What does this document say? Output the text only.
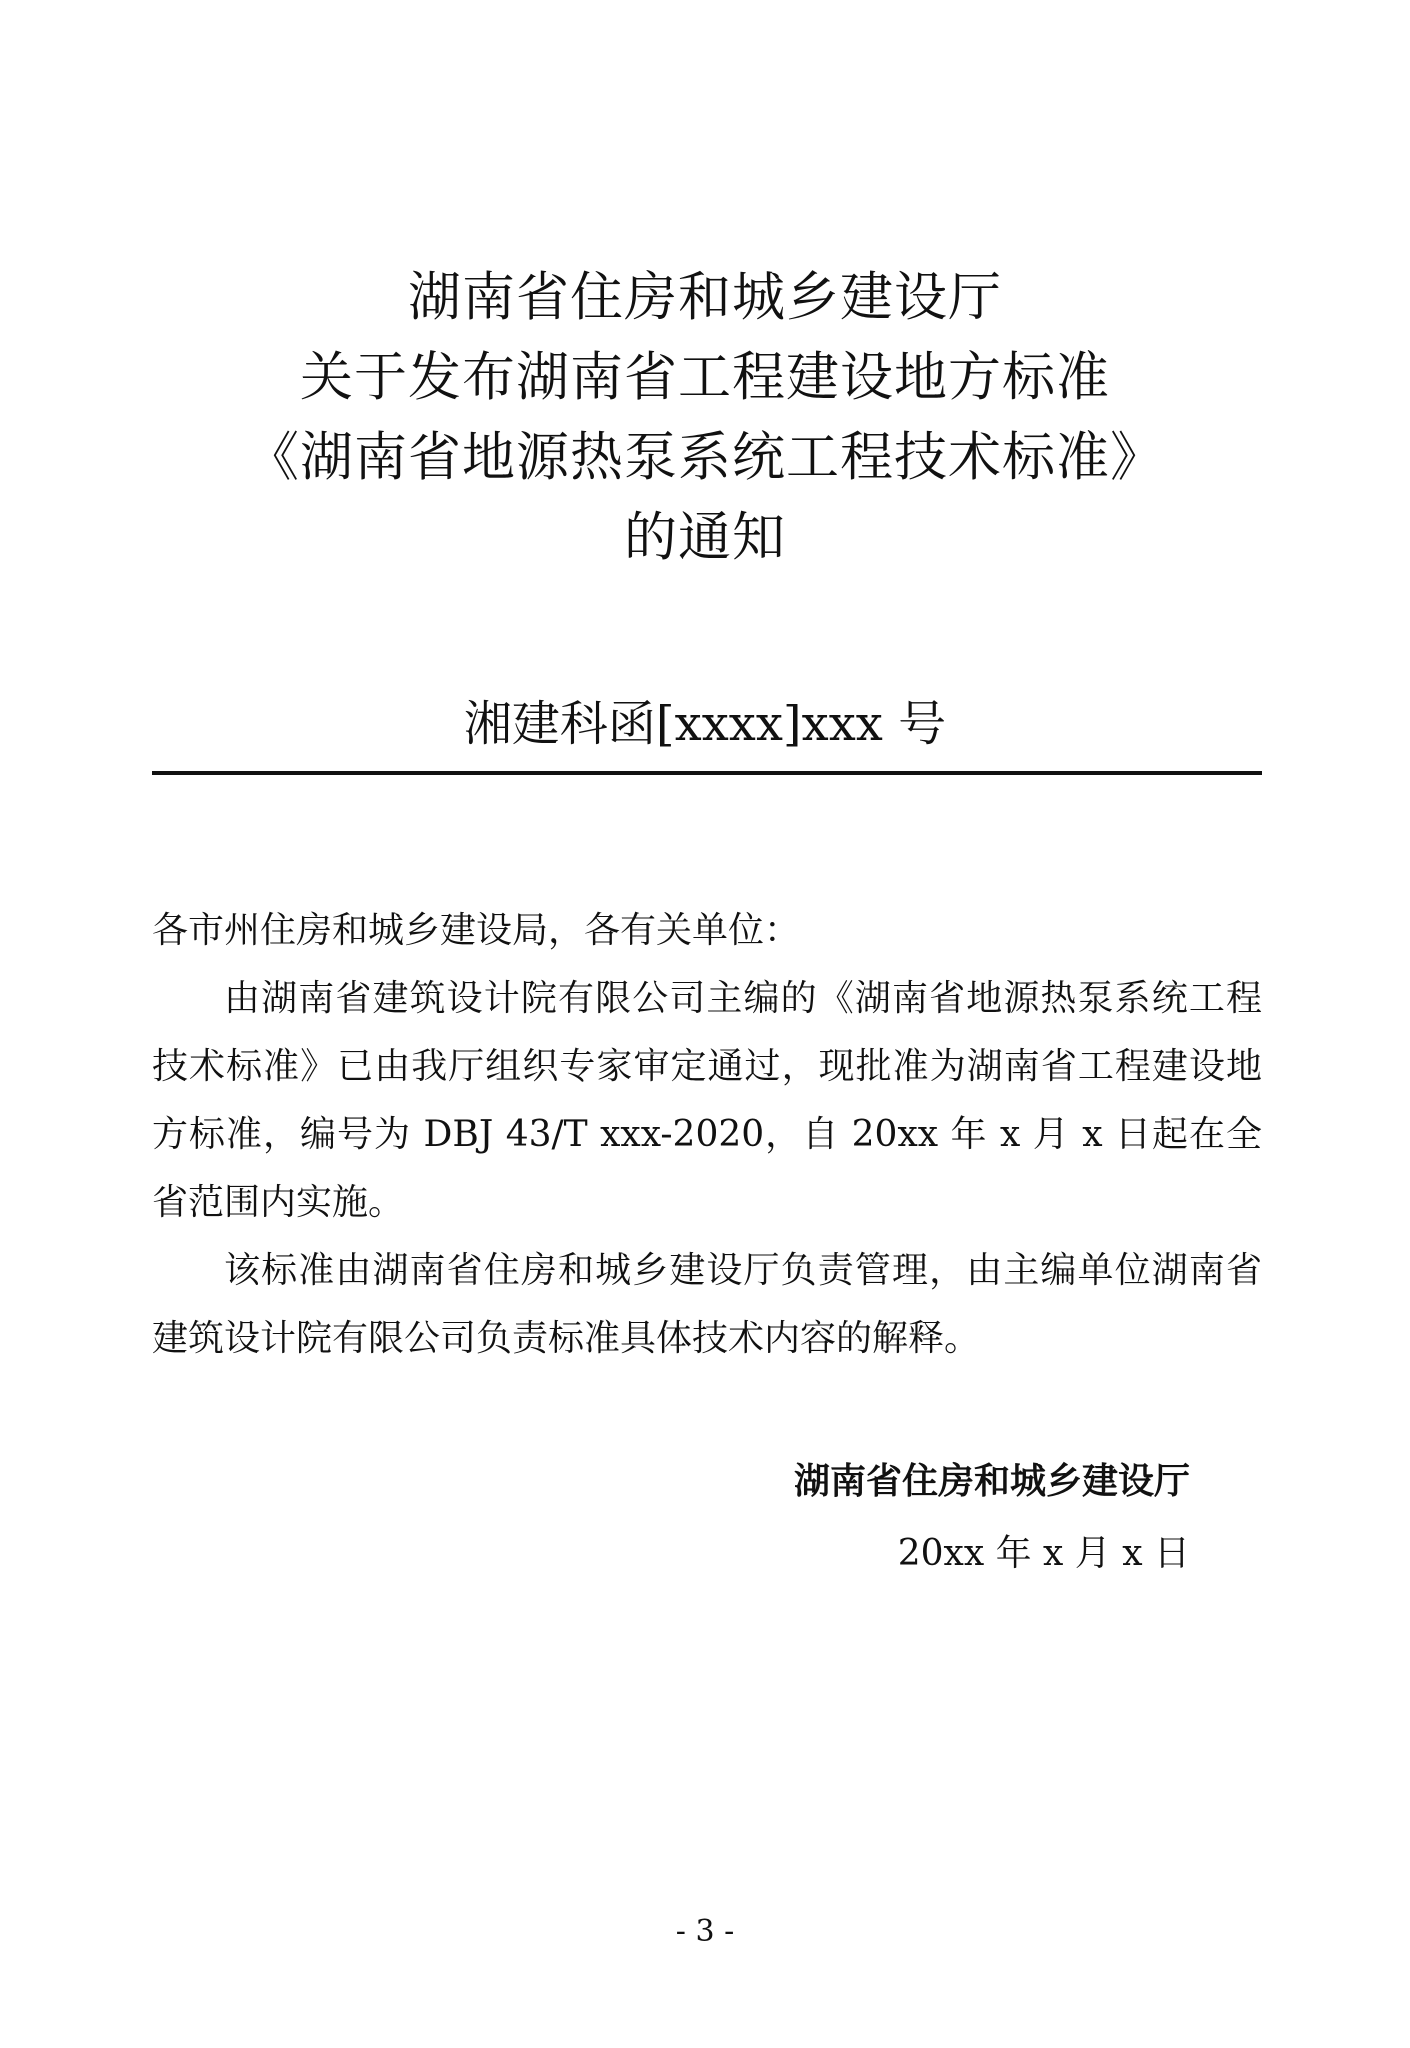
湖南省住房和城乡建设厅
关于发布湖南省工程建设地方标准
《湖南省地源热泵系统工程技术标准》
的通知
湘建科函[xxxx]xxx 号

各市州住房和城乡建设局，各有关单位：

由湖南省建筑设计院有限公司主编的《湖南省地源热泵系统工程技术标准》已由我厅组织专家审定通过，现批准为湖南省工程建设地方标准，编号为 DBJ 43/T xxx-2020，自 20xx 年 x 月 x 日起在全省范围内实施。

该标准由湖南省住房和城乡建设厅负责管理，由主编单位湖南省建筑设计院有限公司负责标准具体技术内容的解释。

湖南省住房和城乡建设厅
20xx 年 x 月 x 日
- 3 -
